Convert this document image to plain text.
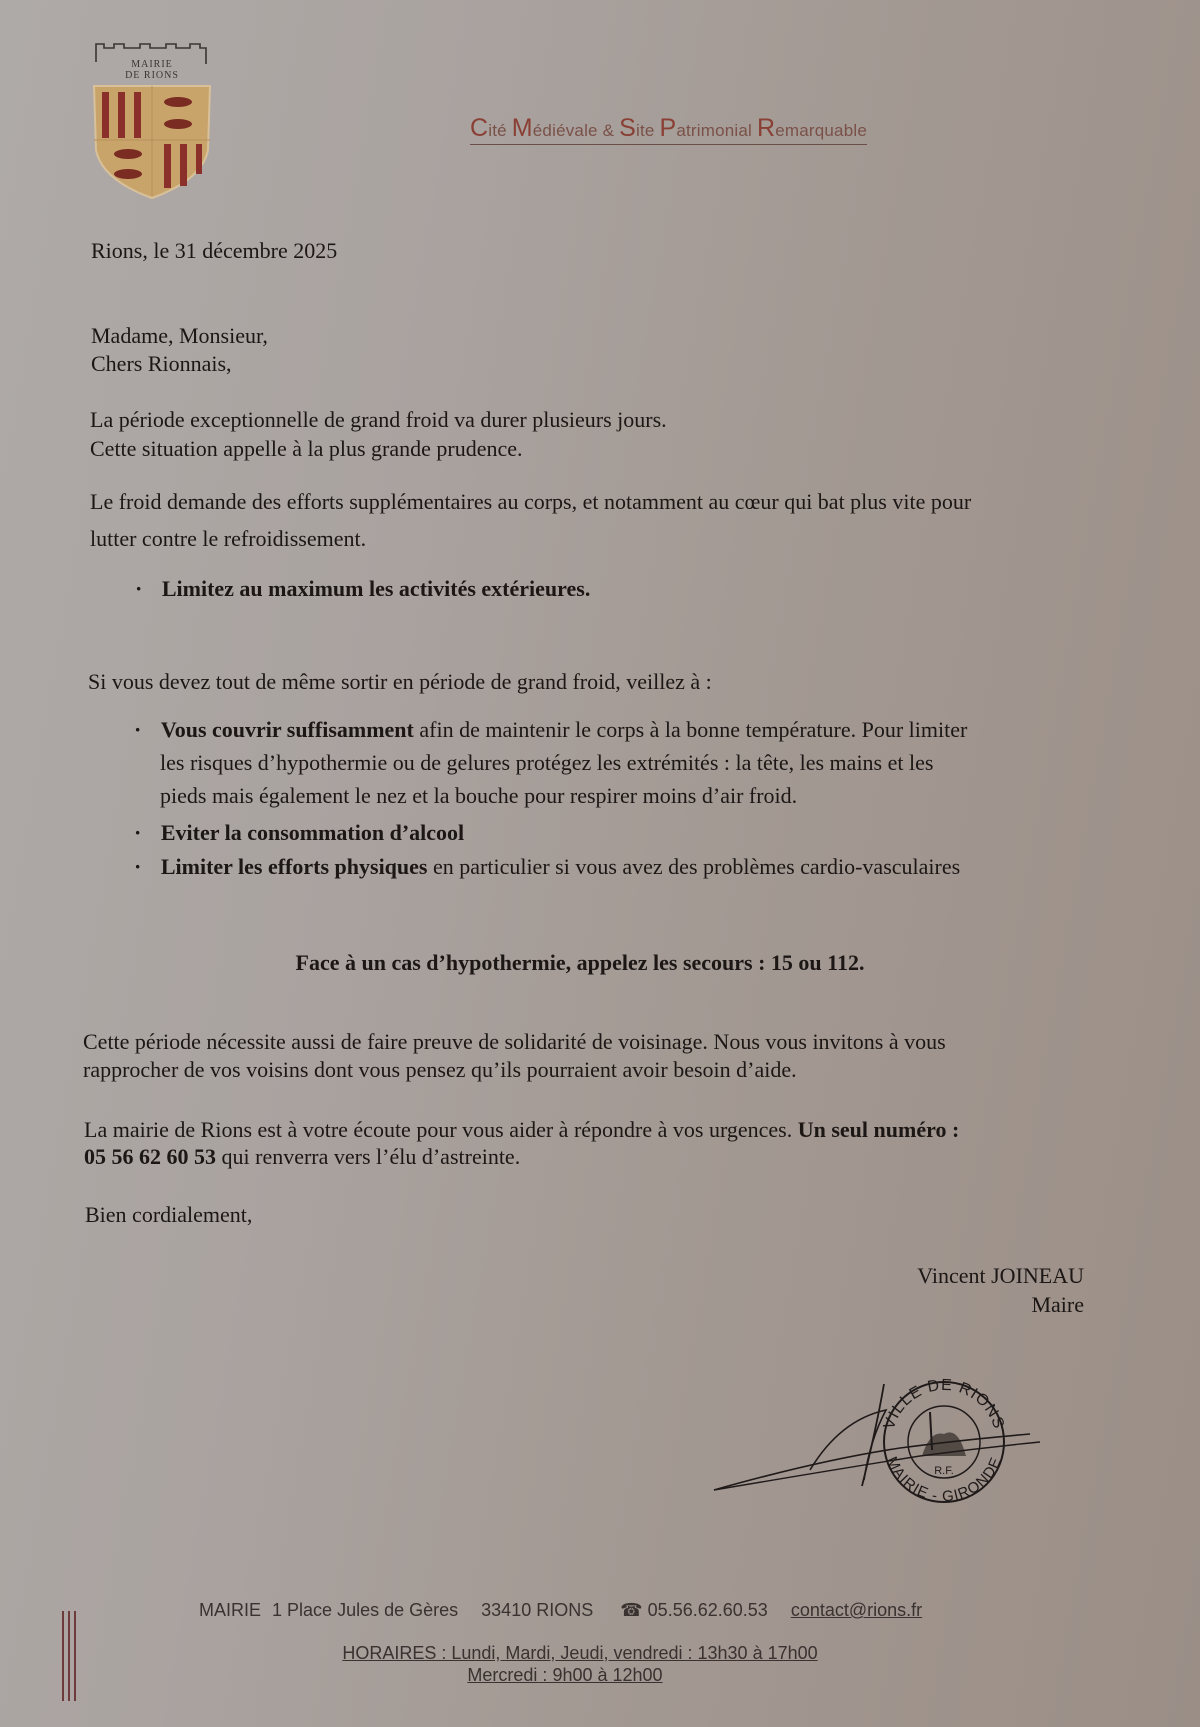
MAIRIE
DE RIONS
Cité Médiévale & Site Patrimonial Remarquable
Rions, le 31 décembre 2025
Madame, Monsieur,
Chers Rionnais,
La période exceptionnelle de grand froid va durer plusieurs jours.
Cette situation appelle à la plus grande prudence.
Le froid demande des efforts supplémentaires au corps, et notamment au cœur qui bat plus vite pour
lutter contre le refroidissement.
· Limitez au maximum les activités extérieures.
Si vous devez tout de même sortir en période de grand froid, veillez à :
· Vous couvrir suffisamment afin de maintenir le corps à la bonne température. Pour limiter
les risques d’hypothermie ou de gelures protégez les extrémités : la tête, les mains et les
pieds mais également le nez et la bouche pour respirer moins d’air froid.
· Eviter la consommation d’alcool
· Limiter les efforts physiques en particulier si vous avez des problèmes cardio-vasculaires
Face à un cas d’hypothermie, appelez les secours : 15 ou 112.
Cette période nécessite aussi de faire preuve de solidarité de voisinage. Nous vous invitons à vous
rapprocher de vos voisins dont vous pensez qu’ils pourraient avoir besoin d’aide.
La mairie de Rions est à votre écoute pour vous aider à répondre à vos urgences. Un seul numéro :
05 56 62 60 53 qui renverra vers l’élu d’astreinte.
Bien cordialement,
Vincent JOINEAU
Maire
VILLE DE RIONS
MAIRIE - GIRONDE
R.F.
MAIRIE 1 Place Jules de Gères 33410 RIONS ☎ 05.56.62.60.53 contact@rions.fr
HORAIRES : Lundi, Mardi, Jeudi, vendredi : 13h30 à 17h00
Mercredi : 9h00 à 12h00
